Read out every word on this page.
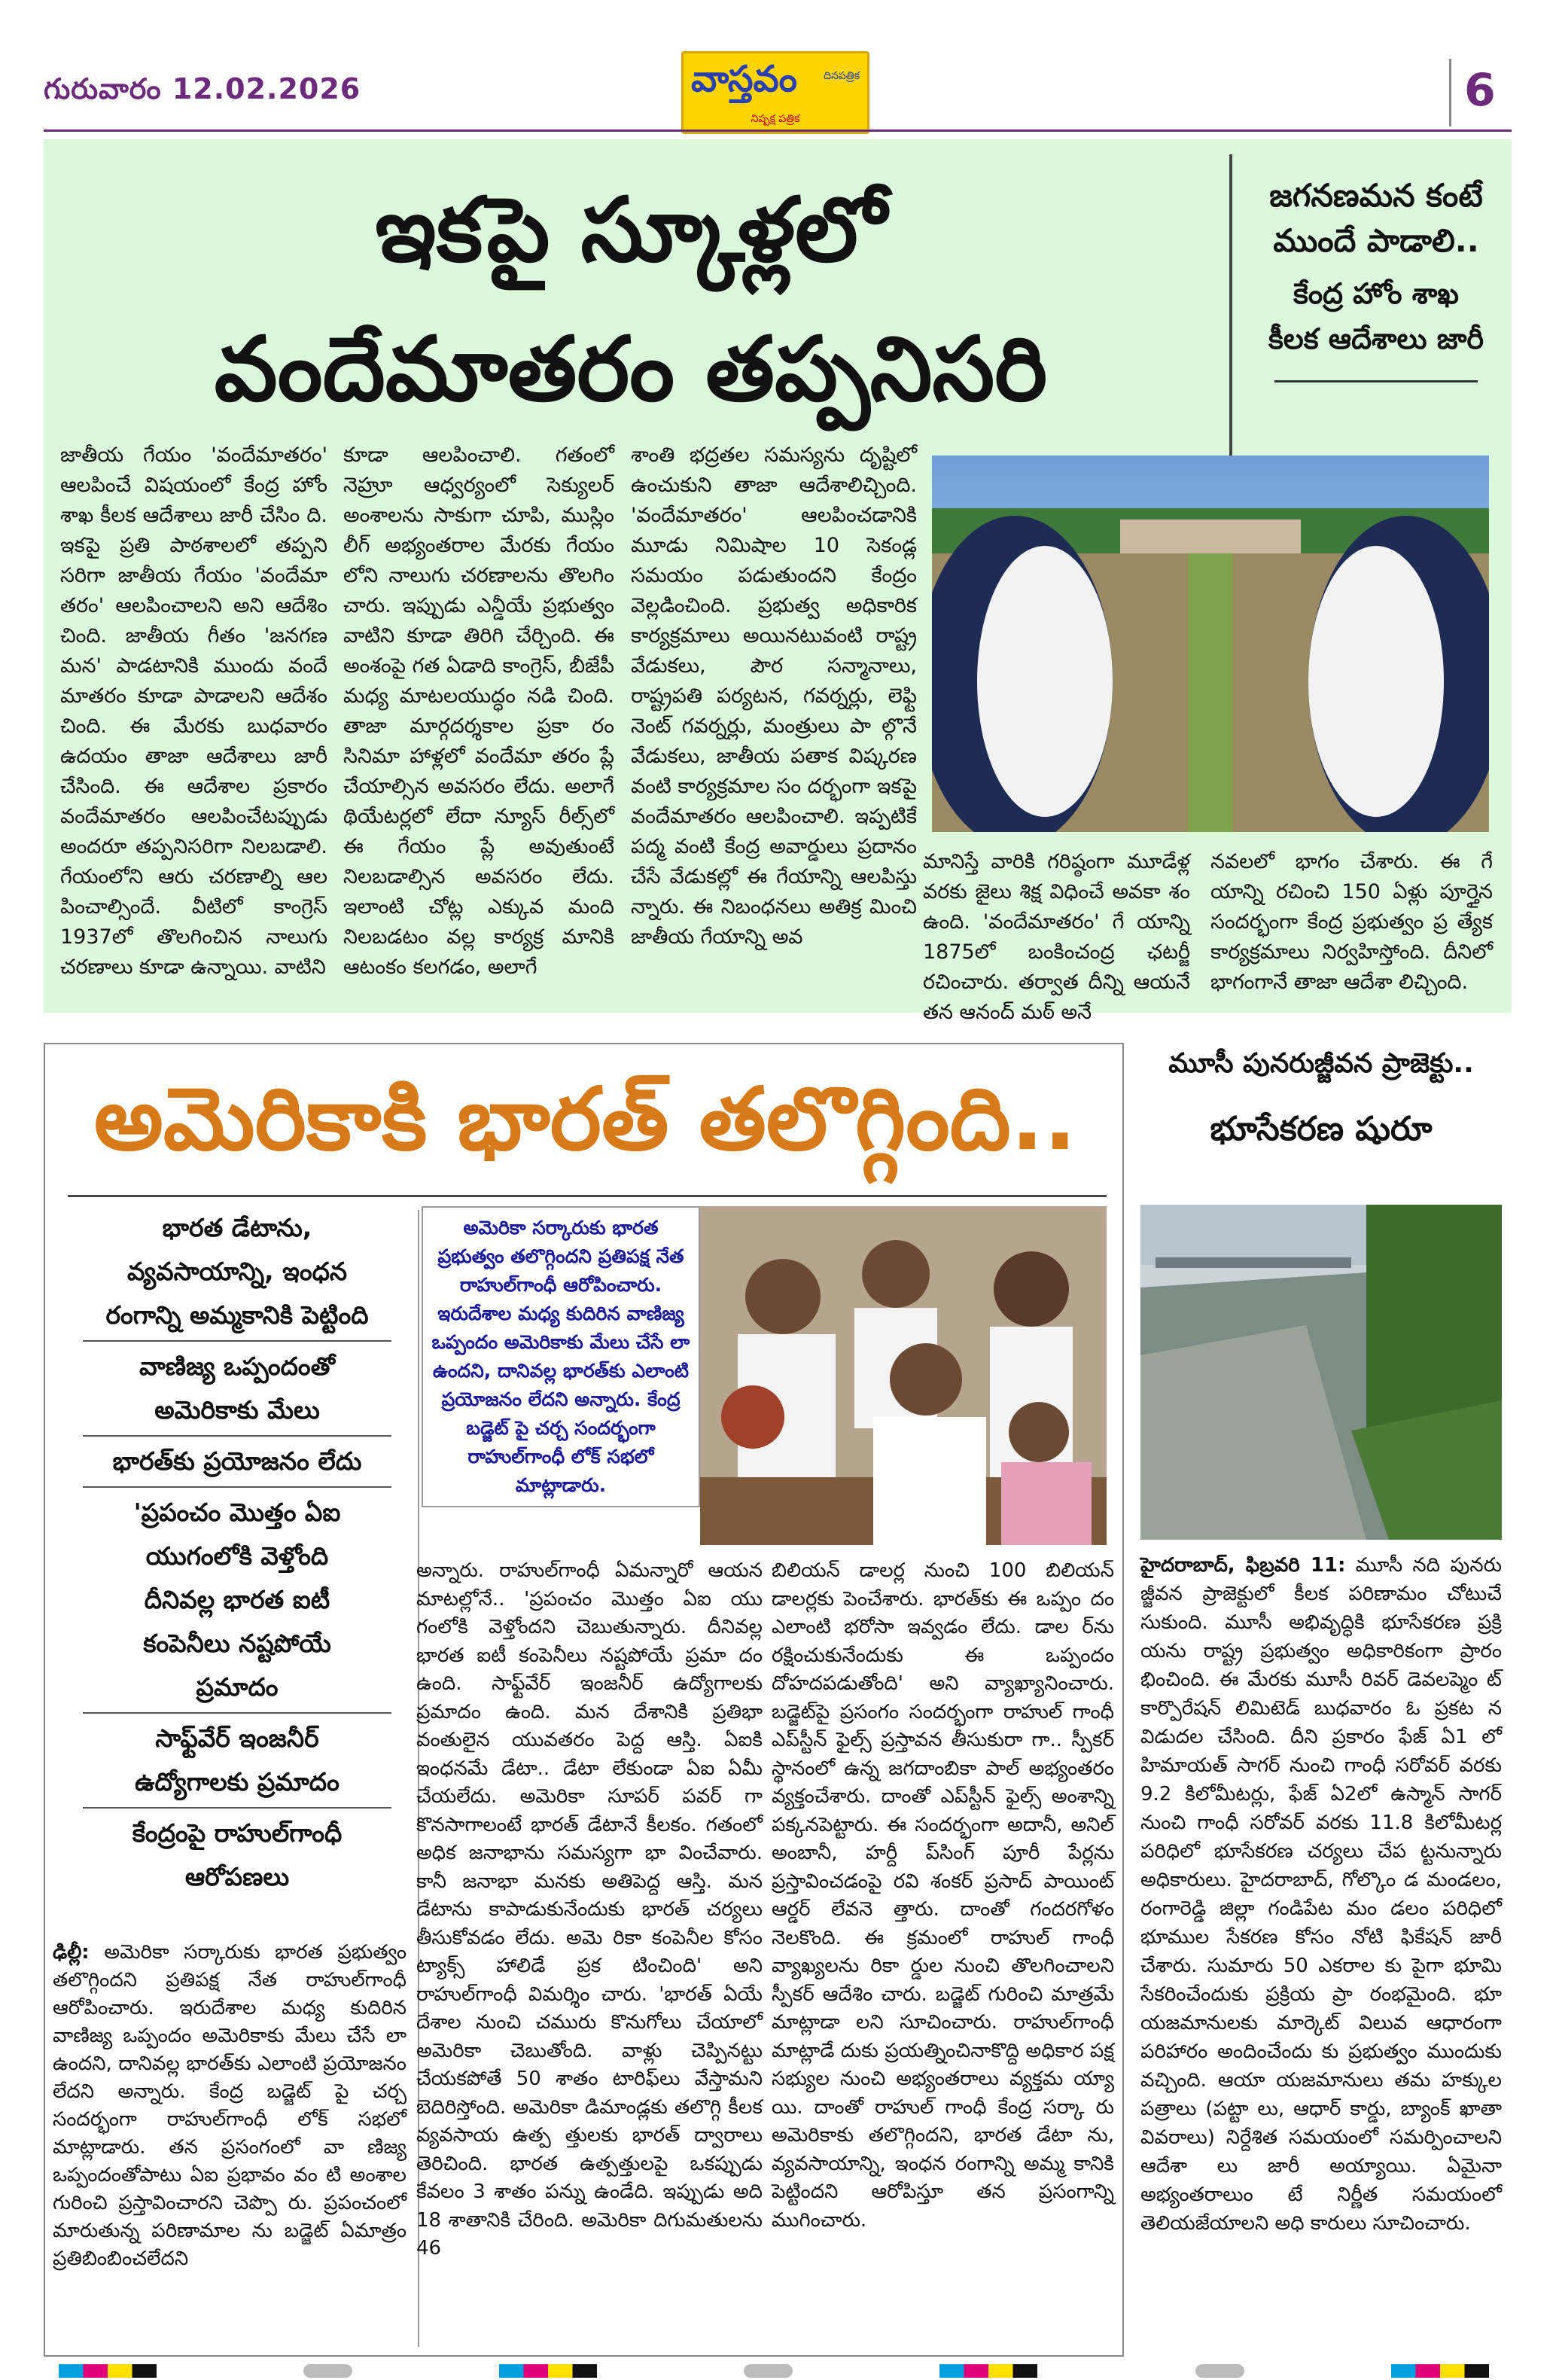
గురువారం 12.02.2026	వాస్తవం	దినపత్రిక
నిష్పక్ష పత్రిక
6
ఇకపై స్కూళ్లలో
వందేమాతరం తప్పనిసరి
జగనణమన కంటే
ముందే పాడాలి..
కేంద్ర హోం శాఖ
కీలక ఆదేశాలు జారీ
జాతీయ గేయం 'వందేమాతరం' ఆలపించే విషయంలో కేంద్ర హోం శాఖ కీలక ఆదేశాలు జారీ చేసిం ది. ఇకపై ప్రతి పాఠశాలలో తప్పని సరిగా జాతీయ గేయం 'వందేమా తరం' ఆలపించాలని అని ఆదేశిం చింది. జాతీయ గీతం 'జనగణ మన' పాడటానికి ముందు వందే మాతరం కూడా పాడాలని ఆదేశం చింది. ఈ మేరకు బుధవారం ఉదయం తాజా ఆదేశాలు జారీ చేసింది. ఈ ఆదేశాల ప్రకారం వందేమాతరం ఆలపించేటప్పుడు అందరూ తప్పనిసరిగా నిలబడాలి. గేయంలోని ఆరు చరణాల్ని ఆల పించాల్సిందే. వీటిలో కాంగ్రెస్ 1937లో తొలగించిన నాలుగు చరణాలు కూడా ఉన్నాయి. వాటిని
కూడా ఆలపించాలి. గతంలో నెహ్రూ ఆధ్వర్యంలో సెక్యులర్ అంశాలను సాకుగా చూపి, ముస్లిం లీగ్ అభ్యంతరాల మేరకు గేయం లోని నాలుగు చరణాలను తొలగిం చారు. ఇప్పుడు ఎన్డీయే ప్రభుత్వం వాటిని కూడా తిరిగి చేర్చింది. ఈ అంశంపై గత ఏడాది కాంగ్రెస్, బీజేపీ మధ్య మాటలయుద్ధం నడి చింది. తాజా మార్గదర్శకాల ప్రకా రం సినిమా హాళ్లలో వందేమా తరం ప్లే చేయాల్సిన అవసరం లేదు. అలాగే థియేటర్లలో లేదా న్యూస్ రీల్స్‌లో ఈ గేయం ప్లే అవుతుంటే నిలబడాల్సిన అవసరం లేదు. ఇలాంటి చోట్ల ఎక్కువ మంది నిలబడటం వల్ల కార్యక్ర మానికి ఆటంకం కలగడం, అలాగే
శాంతి భద్రతల సమస్యను దృష్టిలో ఉంచుకుని తాజా ఆదేశాలిచ్చింది. 'వందేమాతరం' ఆలపించడానికి మూడు నిమిషాల 10 సెకండ్ల సమయం పడుతుందని కేంద్రం వెల్లడించింది. ప్రభుత్వ అధికారిక కార్యక్రమాలు అయినటువంటి రాష్ట్ర వేడుకలు, పౌర సన్మానాలు, రాష్ట్రపతి పర్యటన, గవర్నర్లు, లెఫ్టి నెంట్ గవర్నర్లు, మంత్రులు పా ల్గొనే వేడుకలు, జాతీయ పతాక విష్కరణ వంటి కార్యక్రమాల సం దర్భంగా ఇకపై వందేమాతరం ఆలపించాలి. ఇప్పటికే పద్మ వంటి కేంద్ర అవార్డులు ప్రదానం చేసే వేడుకల్లో ఈ గేయాన్ని ఆలపిస్తు న్నారు. ఈ నిబంధనలు అతిక్ర మించి జాతీయ గేయాన్ని అవ
మానిస్తే వారికి గరిష్ఠంగా మూడేళ్ల వరకు జైలు శిక్ష విధించే అవకా శం ఉంది. 'వందేమాతరం' గే యాన్ని 1875లో బంకించంద్ర ఛటర్జీ రచించారు. తర్వాత దీన్ని ఆయనే తన ఆనంద్ మఠ్ అనే
నవలలో భాగం చేశారు. ఈ గే యాన్ని రచించి 150 ఏళ్లు పూర్తైన సందర్భంగా కేంద్ర ప్రభుత్వం ప్ర త్యేక కార్యక్రమాలు నిర్వహిస్తోంది. దీనిలో భాగంగానే తాజా ఆదేశా లిచ్చింది.
అమెరికాకి భారత్ తలొగ్గింది..
భారత డేటాను,
వ్యవసాయాన్ని, ఇంధన
రంగాన్ని అమ్మకానికి పెట్టింది
వాణిజ్య ఒప్పందంతో
అమెరికాకు మేలు
భారత్‌కు ప్రయోజనం లేదు
'ప్రపంచం మొత్తం ఏఐ
యుగంలోకి వెళ్తోంది
దీనివల్ల భారత ఐటీ
కంపెనీలు నష్టపోయే
ప్రమాదం
సాఫ్ట్‌వేర్ ఇంజనీర్
ఉద్యోగాలకు ప్రమాదం
కేంద్రంపై రాహుల్‌గాంధీ
ఆరోపణలు
అమెరికా సర్కారుకు భారత ప్రభుత్వం తలొగ్గిందని ప్రతిపక్ష నేత రాహుల్‌గాంధీ ఆరోపించారు. ఇరుదేశాల మధ్య కుదిరిన వాణిజ్య ఒప్పందం అమెరికాకు మేలు చేసే లా ఉందని, దానివల్ల భారత్‌కు ఎలాంటి ప్రయోజనం లేదని అన్నారు. కేంద్ర బడ్జెట్ పై చర్చ సందర్భంగా రాహుల్‌గాంధీ లోక్ సభలో మాట్లాడారు.
ఢిల్లీ: అమెరికా సర్కారుకు భారత ప్రభుత్వం తలొగ్గిందని ప్రతిపక్ష నేత రాహుల్‌గాంధీ ఆరోపించారు. ఇరుదేశాల మధ్య కుదిరిన వాణిజ్య ఒప్పందం అమెరికాకు మేలు చేసే లా ఉందని, దానివల్ల భారత్‌కు ఎలాంటి ప్రయోజనం లేదని అన్నారు. కేంద్ర బడ్జెట్ పై చర్చ సందర్భంగా రాహుల్‌గాంధీ లోక్ సభలో మాట్లాడారు. తన ప్రసంగంలో వా ణిజ్య ఒప్పందంతోపాటు ఏఐ ప్రభావం వం టి అంశాల గురించి ప్రస్తావించారని చెప్పొ రు. ప్రపంచంలో మారుతున్న పరిణామాల ను బడ్జెట్ ఏమాత్రం ప్రతిబింబించలేదని
అన్నారు. రాహుల్‌గాంధీ ఏమన్నారో ఆయన మాటల్లోనే.. 'ప్రపంచం మొత్తం ఏఐ యు గంలోకి వెళ్తోందని చెబుతున్నారు. దీనివల్ల భారత ఐటీ కంపెనీలు నష్టపోయే ప్రమా దం ఉంది. సాఫ్ట్‌వేర్ ఇంజనీర్ ఉద్యోగాలకు ప్రమాదం ఉంది. మన దేశానికి ప్రతిభా వంతులైన యువతరం పెద్ద ఆస్తి. ఏఐకి ఇంధనమే డేటా.. డేటా లేకుండా ఏఐ ఏమీ చేయలేదు. అమెరికా సూపర్ పవర్ గా కొనసాగాలంటే భారత్ డేటానే కీలకం. గతంలో అధిక జనాభాను సమస్యగా భా వించేవారు. కానీ జనాభా మనకు అతిపెద్ద ఆస్తి. మన డేటాను కాపాడుకునేందుకు భారత్ చర్యలు తీసుకోవడం లేదు. అమె రికా కంపెనీల కోసం ట్యాక్స్ హాలిడే ప్రక టించింది' అని రాహుల్‌గాంధీ విమర్శిం చారు. 'భారత్ ఏయే దేశాల నుంచి చమురు కొనుగోలు చేయాలో అమెరికా చెబుతోంది. వాళ్లు చెప్పినట్టు చేయకపోతే 50 శాతం టారిఫ్‌లు వేస్తామని బెదిరిస్తోంది. అమెరికా డిమాండ్లకు తలొగ్గి కీలక వ్యవసాయ ఉత్ప త్తులకు భారత్ ద్వారాలు తెరిచింది. భారత ఉత్పత్తులపై ఒకప్పుడు కేవలం 3 శాతం పన్ను ఉండేది. ఇప్పుడు అది 18 శాతానికి చేరింది. అమెరికా దిగుమతులను 46
బిలియన్ డాలర్ల నుంచి 100 బిలియన్ డాలర్లకు పెంచేశారు. భారత్‌కు ఈ ఒప్పం దం ఎలాంటి భరోసా ఇవ్వడం లేదు. డాల ర్‌ను రక్షించుకునేందుకు ఈ ఒప్పందం దోహదపడుతోంది' అని వ్యాఖ్యానించారు. బడ్జెట్‌పై ప్రసంగం సందర్భంగా రాహుల్ గాంధీ ఎప్‌స్టీన్ ఫైల్స్ ప్రస్తావన తీసుకురా గా.. స్పీకర్ స్థానంలో ఉన్న జగదాంబికా పాల్ అభ్యంతరం వ్యక్తంచేశారు. దాంతో ఎప్‌స్టీన్ ఫైల్స్ అంశాన్ని పక్కనపెట్టారు. ఈ సందర్భంగా అదానీ, అనిల్ అంబానీ, హర్దీ ప్‌సింగ్ పూరీ పేర్లను ప్రస్తావించడంపై రవి శంకర్ ప్రసాద్ పాయింట్ ఆర్డర్ లేవనె త్తారు. దాంతో గందరగోళం నెలకొంది. ఈ క్రమంలో రాహుల్ గాంధీ వ్యాఖ్యలను రికా ర్డుల నుంచి తొలగించాలని స్పీకర్ ఆదేశిం చారు. బడ్జెట్ గురించి మాత్రమే మాట్లాడా లని సూచించారు. రాహుల్‌గాంధీ మాట్లాడే దుకు ప్రయత్నించినాకొద్ది అధికార పక్ష సభ్యుల నుంచి అభ్యంతరాలు వ్యక్తమ య్యా యి. దాంతో రాహుల్ గాంధీ కేంద్ర సర్కా రు అమెరికాకు తలొగ్గిందని, భారత డేటా ను, వ్యవసాయాన్ని, ఇంధన రంగాన్ని అమ్మ కానికి పెట్టిందని ఆరోపిస్తూ తన ప్రసంగాన్ని ముగించారు.
మూసీ పునరుజ్జీవన ప్రాజెక్టు..
భూసేకరణ షురూ
హైదరాబాద్, ఫిబ్రవరి 11: మూసీ నది పునరు జ్జీవన ప్రాజెక్టులో కీలక పరిణామం చోటుచే సుకుంది. మూసీ అభివృద్ధికి భూసేకరణ ప్రక్రి యను రాష్ట్ర ప్రభుత్వం అధికారికంగా ప్రారం భించింది. ఈ మేరకు మూసీ రివర్ డెవలప్మెం ట్ కార్పొరేషన్ లిమిటెడ్ బుధవారం ఓ ప్రకట న విడుదల చేసింది. దీని ప్రకారం ఫేజ్ ఏ1 లో హిమాయత్ సాగర్ నుంచి గాంధీ సరోవర్ వరకు 9.2 కిలోమీటర్లు, ఫేజ్ ఏ2లో ఉస్మాన్ సాగర్ నుంచి గాంధీ సరోవర్ వరకు 11.8 కిలోమీటర్ల పరిధిలో భూసేకరణ చర్యలు చేప ట్టనున్నారు అధికారులు. హైదరాబాద్, గోల్కొం డ మండలం, రంగారెడ్డి జిల్లా గండిపేట మం డలం పరిధిలో భూముల సేకరణ కోసం నోటి ఫికేషన్ జారీ చేశారు. సుమారు 50 ఎకరాల కు పైగా భూమి సేకరించేందుకు ప్రక్రియ ప్రా రంభమైంది. భూ యజమానులకు మార్కెట్ విలువ ఆధారంగా పరిహారం అందించేందు కు ప్రభుత్వం ముందుకు వచ్చింది. ఆయా యజమానులు తమ హక్కుల పత్రాలు (పట్టా లు, ఆధార్ కార్డు, బ్యాంక్ ఖాతా వివరాలు) నిర్దేశిత సమయంలో సమర్పించాలని ఆదేశా లు జారీ అయ్యాయి. ఏమైనా అభ్యంతరాలుం టే నిర్ణీత సమయంలో తెలియజేయాలని అధి కారులు సూచించారు.
